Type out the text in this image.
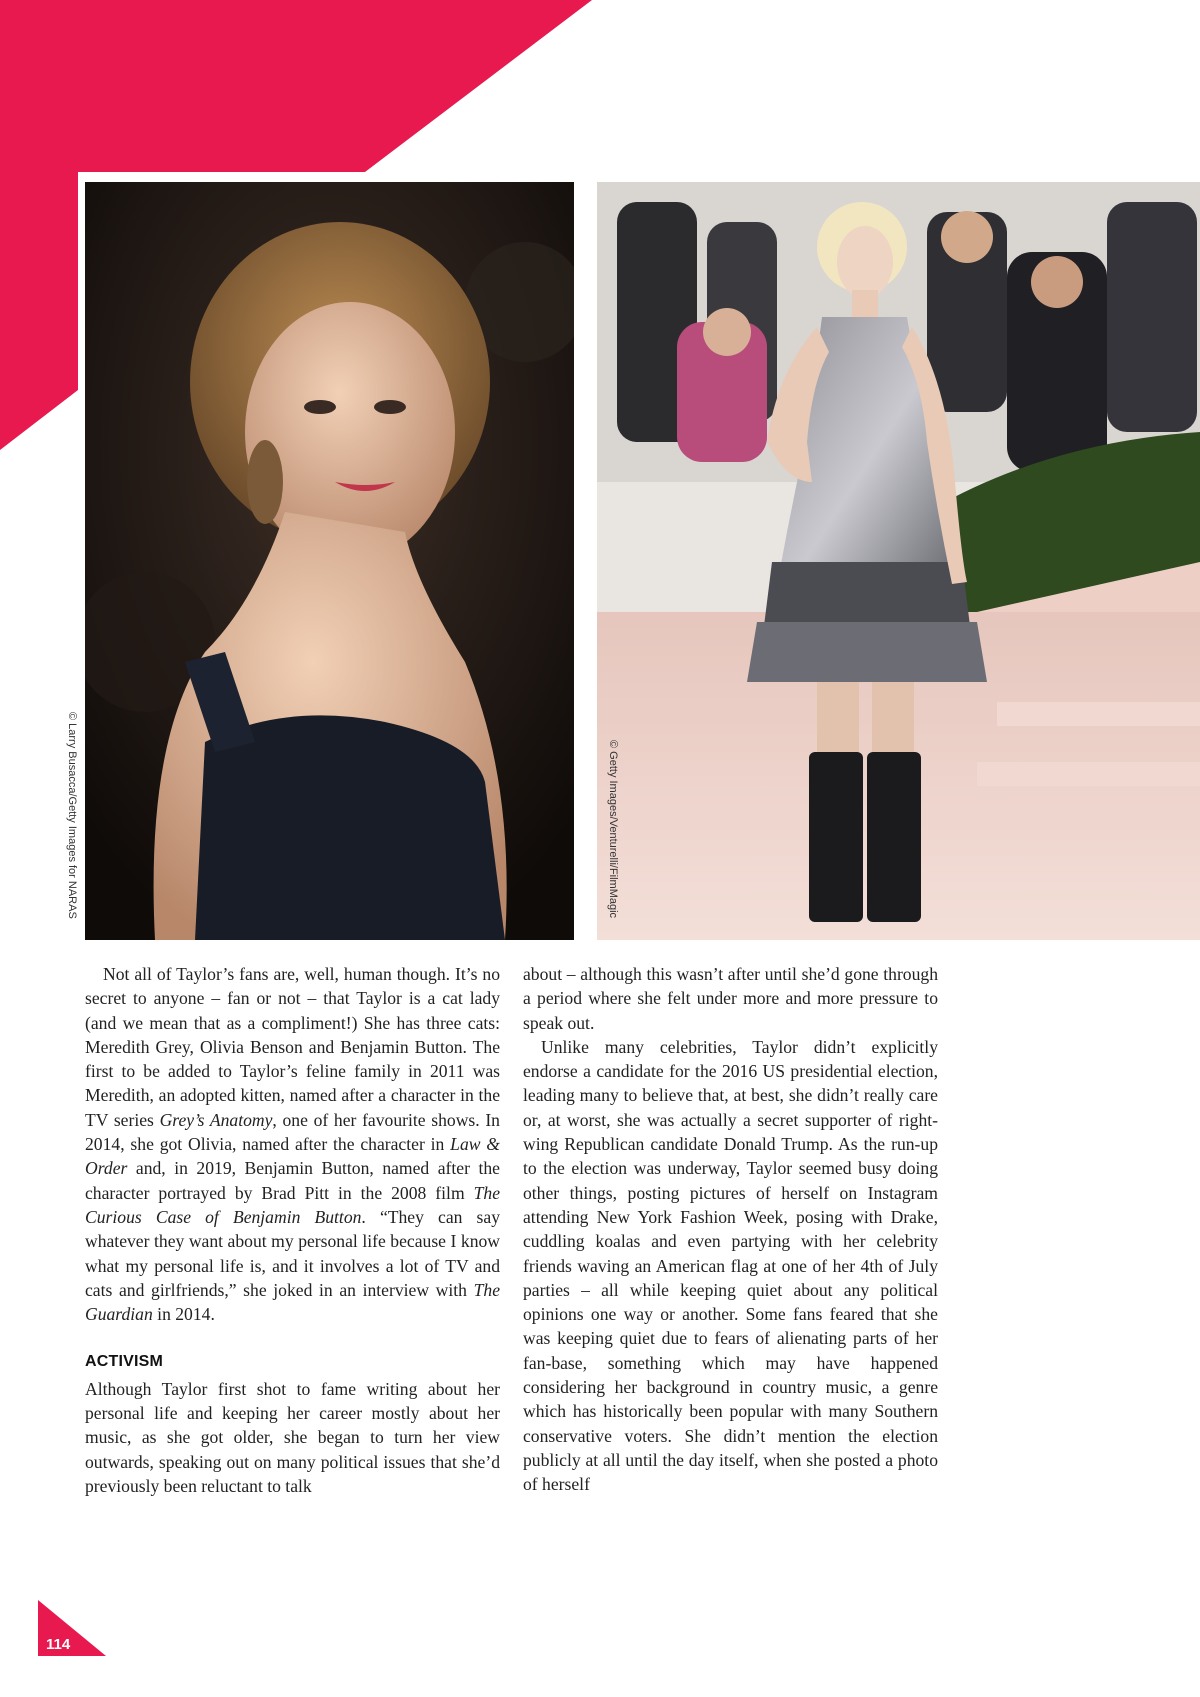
© Larry Busacca/Getty Images for NARAS	© Getty Images/Venturelli/FilmMagic

Not all of Taylor’s fans are, well, human though. It’s no secret to anyone – fan or not – that Taylor is a cat lady (and we mean that as a compliment!) She has three cats: Meredith Grey, Olivia Benson and Benjamin Button. The first to be added to Taylor’s feline family in 2011 was Meredith, an adopted kitten, named after a character in the TV series Grey’s Anatomy, one of her favourite shows. In 2014, she got Olivia, named after the character in Law & Order and, in 2019, Benjamin Button, named after the character portrayed by Brad Pitt in the 2008 film The Curious Case of Benjamin Button. “They can say whatever they want about my personal life because I know what my personal life is, and it involves a lot of TV and cats and girlfriends,” she joked in an interview with The Guardian in 2014.

ACTIVISM

Although Taylor first shot to fame writing about her personal life and keeping her career mostly about her music, as she got older, she began to turn her view outwards, speaking out on many political issues that she’d previously been reluctant to talk

about – although this wasn’t after until she’d gone through a period where she felt under more and more pressure to speak out.

Unlike many celebrities, Taylor didn’t explicitly endorse a candidate for the 2016 US presidential election, leading many to believe that, at best, she didn’t really care or, at worst, she was actually a secret supporter of right-wing Republican candidate Donald Trump. As the run-up to the election was underway, Taylor seemed busy doing other things, posting pictures of herself on Instagram attending New York Fashion Week, posing with Drake, cuddling koalas and even partying with her celebrity friends waving an American flag at one of her 4th of July parties – all while keeping quiet about any political opinions one way or another. Some fans feared that she was keeping quiet due to fears of alienating parts of her fan-base, something which may have happened considering her background in country music, a genre which has historically been popular with many Southern conservative voters. She didn’t mention the election publicly at all until the day itself, when she posted a photo of herself

114
